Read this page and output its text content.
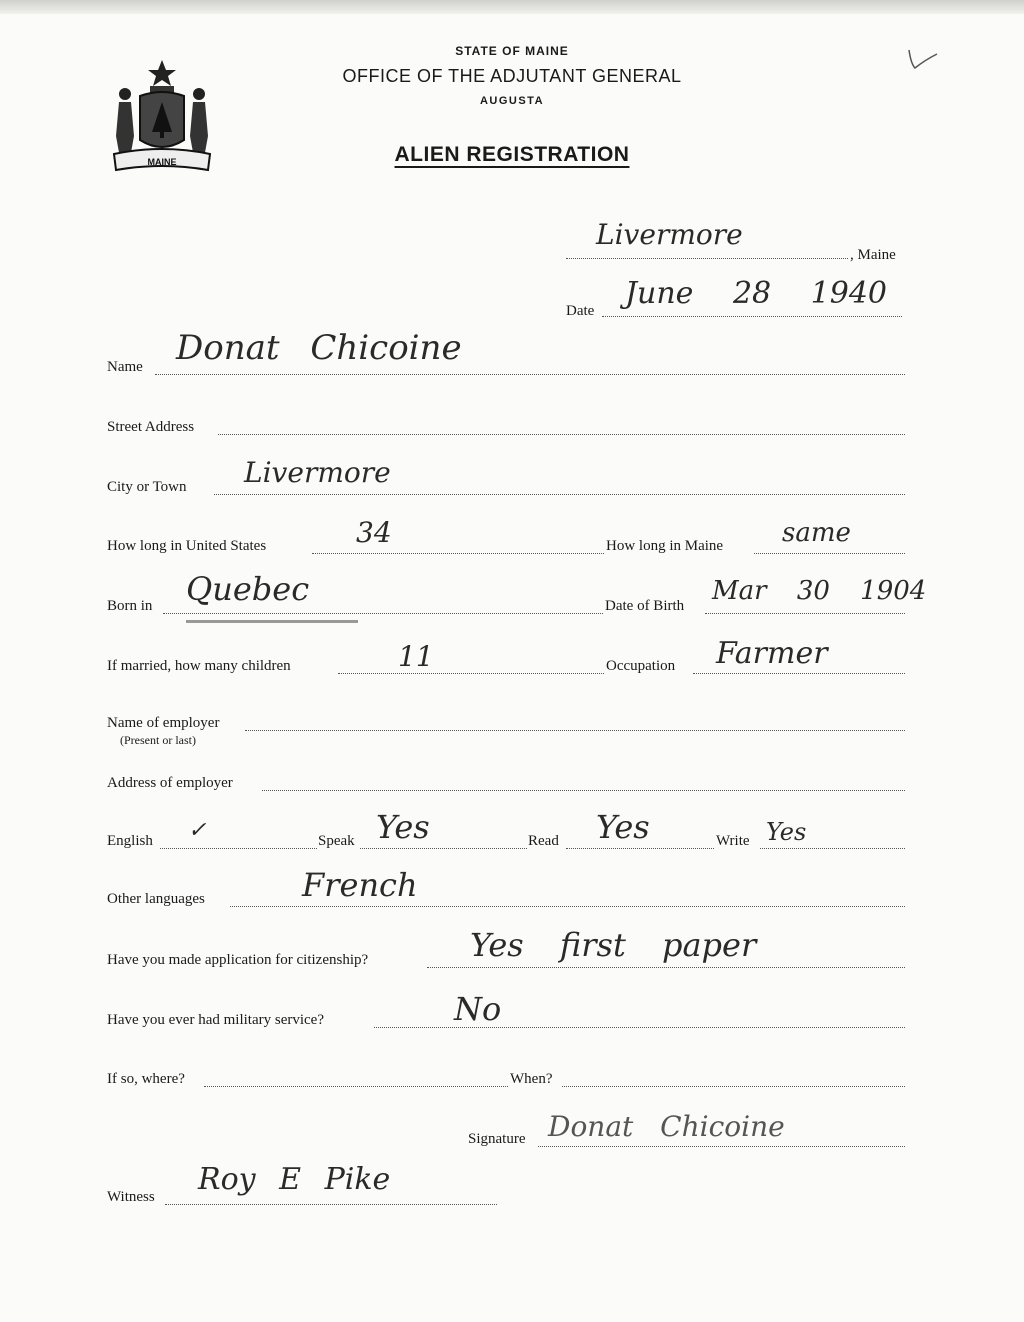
MAINE
STATE OF MAINE
OFFICE OF THE ADJUTANT GENERAL
AUGUSTA
ALIEN REGISTRATION
Livermore
, Maine
Date June 28 1940
Name Donat Chicoine
Street Address
City or Town Livermore
How long in United States	34	How long in Maine same
Born in Quebec	Date of Birth Mar 30 1904
If married, how many children	11	Occupation Farmer
Name of employer
(Present or last)
Address of employer
English ✓	Speak Yes	Read Yes	Write Yes
Other languages	French
Have you made application for citizenship?	Yes first paper
Have you ever had military service?	No
If so, where?	When?
Signature Donat Chicoine
Witness Roy E Pike
